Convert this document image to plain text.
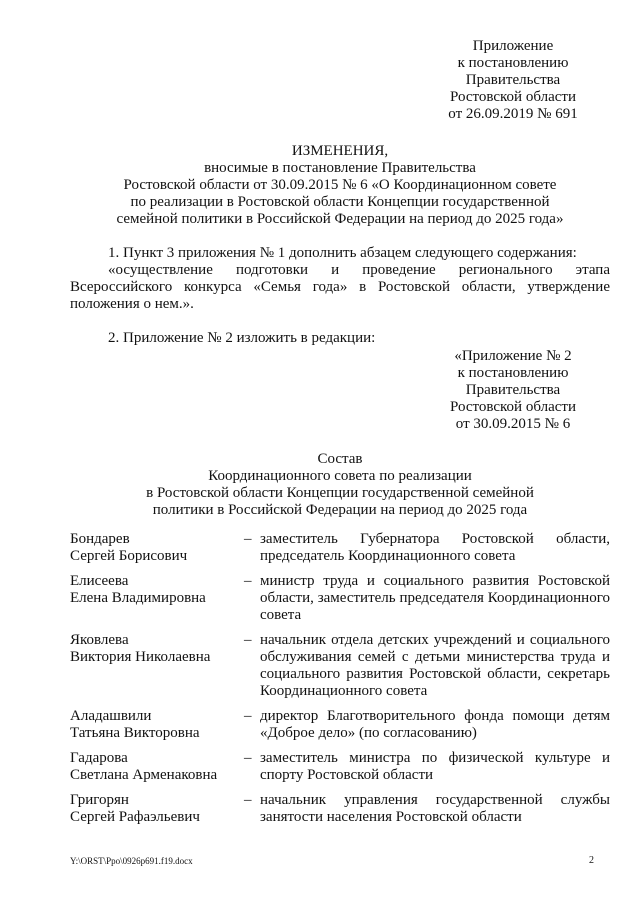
Приложение
к постановлению
Правительства
Ростовской области
от 26.09.2019 № 691
ИЗМЕНЕНИЯ,
вносимые в постановление Правительства
Ростовской области от 30.09.2015 № 6 «О Координационном совете
по реализации в Ростовской области Концепции государственной
семейной политики в Российской Федерации на период до 2025 года»
1. Пункт 3 приложения № 1 дополнить абзацем следующего содержания:
«осуществление подготовки и проведение регионального этапа Всероссийского конкурса «Семья года» в Ростовской области, утверждение положения о нем.».
2. Приложение № 2 изложить в редакции:
«Приложение № 2
к постановлению
Правительства
Ростовской области
от 30.09.2015 № 6
Состав
Координационного совета по реализации
в Ростовской области Концепции государственной семейной
политики в Российской Федерации на период до 2025 года
Бондарев
Сергей Борисович
– заместитель Губернатора Ростовской области, председатель Координационного совета
Елисеева
Елена Владимировна
– министр труда и социального развития Ростовской области, заместитель председателя Координационного совета
Яковлева
Виктория Николаевна
– начальник отдела детских учреждений и социального обслуживания семей с детьми министерства труда и социального развития Ростовской области, секретарь Координационного совета
Аладашвили
Татьяна Викторовна
– директор Благотворительного фонда помощи детям «Доброе дело» (по согласованию)
Гадарова
Светлана Арменаковна
– заместитель министра по физической культуре и спорту Ростовской области
Григорян
Сергей Рафаэльевич
– начальник управления государственной службы занятости населения Ростовской области
Y:\ORST\Ppo\0926p691.f19.docx	2
